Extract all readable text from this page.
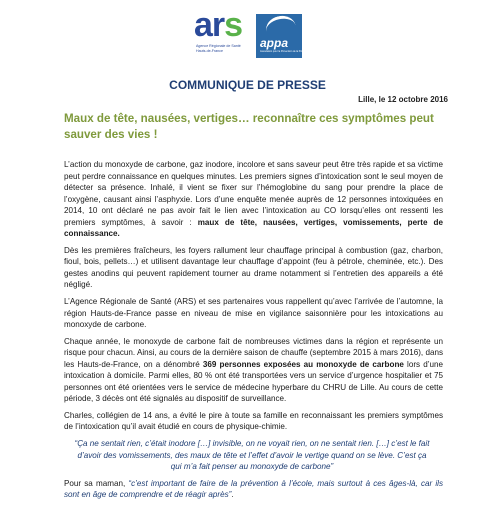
ars
Agence Régionale de Santé
Hauts-de-France
appa
Association pour la Prévention de la Pollution Atmosphérique
COMMUNIQUE DE PRESSE
Lille, le 12 octobre 2016
Maux de tête, nausées, vertiges… reconnaître ces symptômes peut sauver des vies !

L’action du monoxyde de carbone, gaz inodore, incolore et sans saveur peut être très rapide et sa victime peut perdre connaissance en quelques minutes. Les premiers signes d’intoxication sont le seul moyen de détecter sa présence. Inhalé, il vient se fixer sur l’hémoglobine du sang pour prendre la place de l’oxygène, causant ainsi l’asphyxie. Lors d’une enquête menée auprès de 12 personnes intoxiquées en 2014, 10 ont déclaré ne pas avoir fait le lien avec l’intoxication au CO lorsqu’elles ont ressenti les premiers symptômes, à savoir : maux de tête, nausées, vertiges, vomissements, perte de connaissance.

Dès les premières fraîcheurs, les foyers rallument leur chauffage principal à combustion (gaz, charbon, fioul, bois, pellets…) et utilisent davantage leur chauffage d’appoint (feu à pétrole, cheminée, etc.). Des gestes anodins qui peuvent rapidement tourner au drame notamment si l’entretien des appareils a été négligé.

L’Agence Régionale de Santé (ARS) et ses partenaires vous rappellent qu’avec l’arrivée de l’automne, la région Hauts-de-France passe en niveau de mise en vigilance saisonnière pour les intoxications au monoxyde de carbone.

Chaque année, le monoxyde de carbone fait de nombreuses victimes dans la région et représente un risque pour chacun. Ainsi, au cours de la dernière saison de chauffe (septembre 2015 à mars 2016), dans les Hauts-de-France, on a dénombré 369 personnes exposées au monoxyde de carbone lors d’une intoxication à domicile. Parmi elles, 80 % ont été transportées vers un service d’urgence hospitalier et 75 personnes ont été orientées vers le service de médecine hyperbare du CHRU de Lille. Au cours de cette période, 3 décès ont été signalés au dispositif de surveillance.

Charles, collégien de 14 ans, a évité le pire à toute sa famille en reconnaissant les premiers symptômes de l’intoxication qu’il avait étudié en cours de physique-chimie.

“Ça ne sentait rien, c’était inodore […] invisible, on ne voyait rien, on ne sentait rien. […] c’est le fait d’avoir des vomissements, des maux de tête et l’effet d’avoir le vertige quand on se lève. C’est ça qui m’a fait penser au monoxyde de carbone”

Pour sa maman, “c’est important de faire de la prévention à l’école, mais surtout à ces âges-là, car ils sont en âge de comprendre et de réagir après”.
